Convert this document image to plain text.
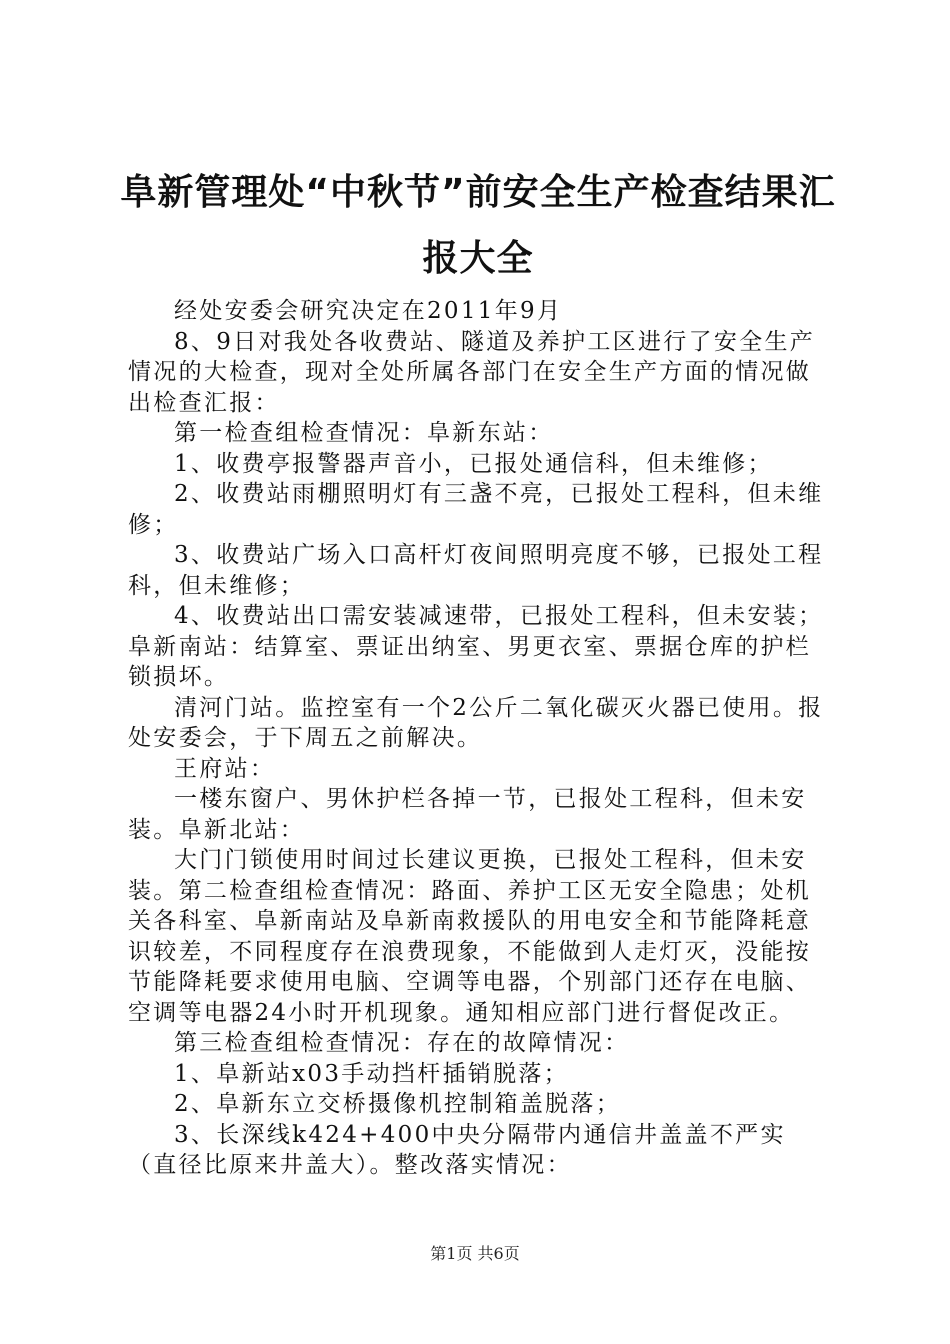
阜新管理处“中秋节”前安全生产检查结果汇报大全

经处安委会研究决定在2011年9月

8、9日对我处各收费站、隧道及养护工区进行了安全生产情况的大检查，现对全处所属各部门在安全生产方面的情况做出检查汇报：

第一检查组检查情况：阜新东站：

1、收费亭报警器声音小，已报处通信科，但未维修；

2、收费站雨棚照明灯有三盏不亮，已报处工程科，但未维修；

3、收费站广场入口高杆灯夜间照明亮度不够，已报处工程科，但未维修；

4、收费站出口需安装减速带，已报处工程科，但未安装；阜新南站：结算室、票证出纳室、男更衣室、票据仓库的护栏锁损坏。

清河门站。监控室有一个2公斤二氧化碳灭火器已使用。报处安委会，于下周五之前解决。

王府站：

一楼东窗户、男休护栏各掉一节，已报处工程科，但未安装。阜新北站：

大门门锁使用时间过长建议更换，已报处工程科，但未安装。第二检查组检查情况：路面、养护工区无安全隐患；处机关各科室、阜新南站及阜新南救援队的用电安全和节能降耗意识较差，不同程度存在浪费现象，不能做到人走灯灭，没能按节能降耗要求使用电脑、空调等电器，个别部门还存在电脑、空调等电器24小时开机现象。通知相应部门进行督促改正。

第三检查组检查情况：存在的故障情况：

1、阜新站x03手动挡杆插销脱落；

2、阜新东立交桥摄像机控制箱盖脱落；

3、长深线k424+400中央分隔带内通信井盖盖不严实（直径比原来井盖大）。整改落实情况：

第1页 共6页
